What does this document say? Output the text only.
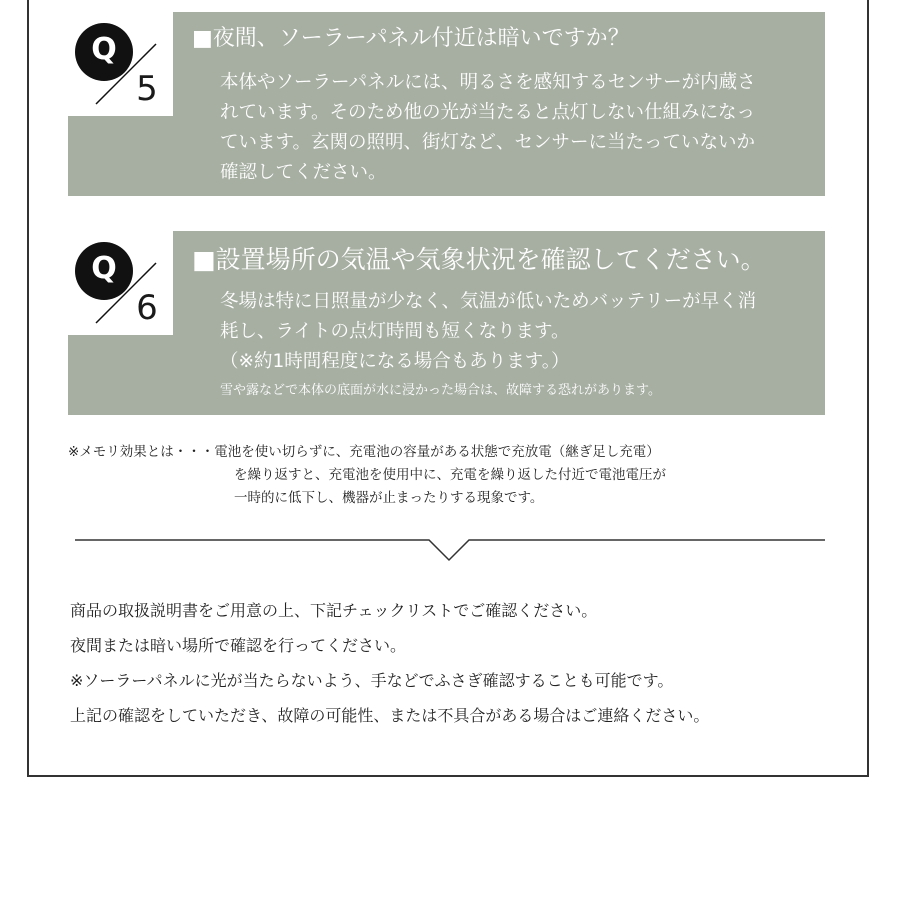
Q
5
■夜間、ソーラーパネル付近は暗いですか？
本体やソーラーパネルには、明るさを感知するセンサーが内蔵さ
れています。そのため他の光が当たると点灯しない仕組みになっ
ています。玄関の照明、街灯など、センサーに当たっていないか
確認してください。
Q
6
■設置場所の気温や気象状況を確認してください。
冬場は特に日照量が少なく、気温が低いためバッテリーが早く消
耗し、ライトの点灯時間も短くなります。
（※約1時間程度になる場合もあります。）
雪や露などで本体の底面が水に浸かった場合は、故障する恐れがあります。
※メモリ効果とは・・・電池を使い切らずに、充電池の容量がある状態で充放電（継ぎ足し充電）
を繰り返すと、充電池を使用中に、充電を繰り返した付近で電池電圧が
一時的に低下し、機器が止まったりする現象です。
商品の取扱説明書をご用意の上、下記チェックリストでご確認ください。
夜間または暗い場所で確認を行ってください。
※ソーラーパネルに光が当たらないよう、手などでふさぎ確認することも可能です。
上記の確認をしていただき、故障の可能性、または不具合がある場合はご連絡ください。
